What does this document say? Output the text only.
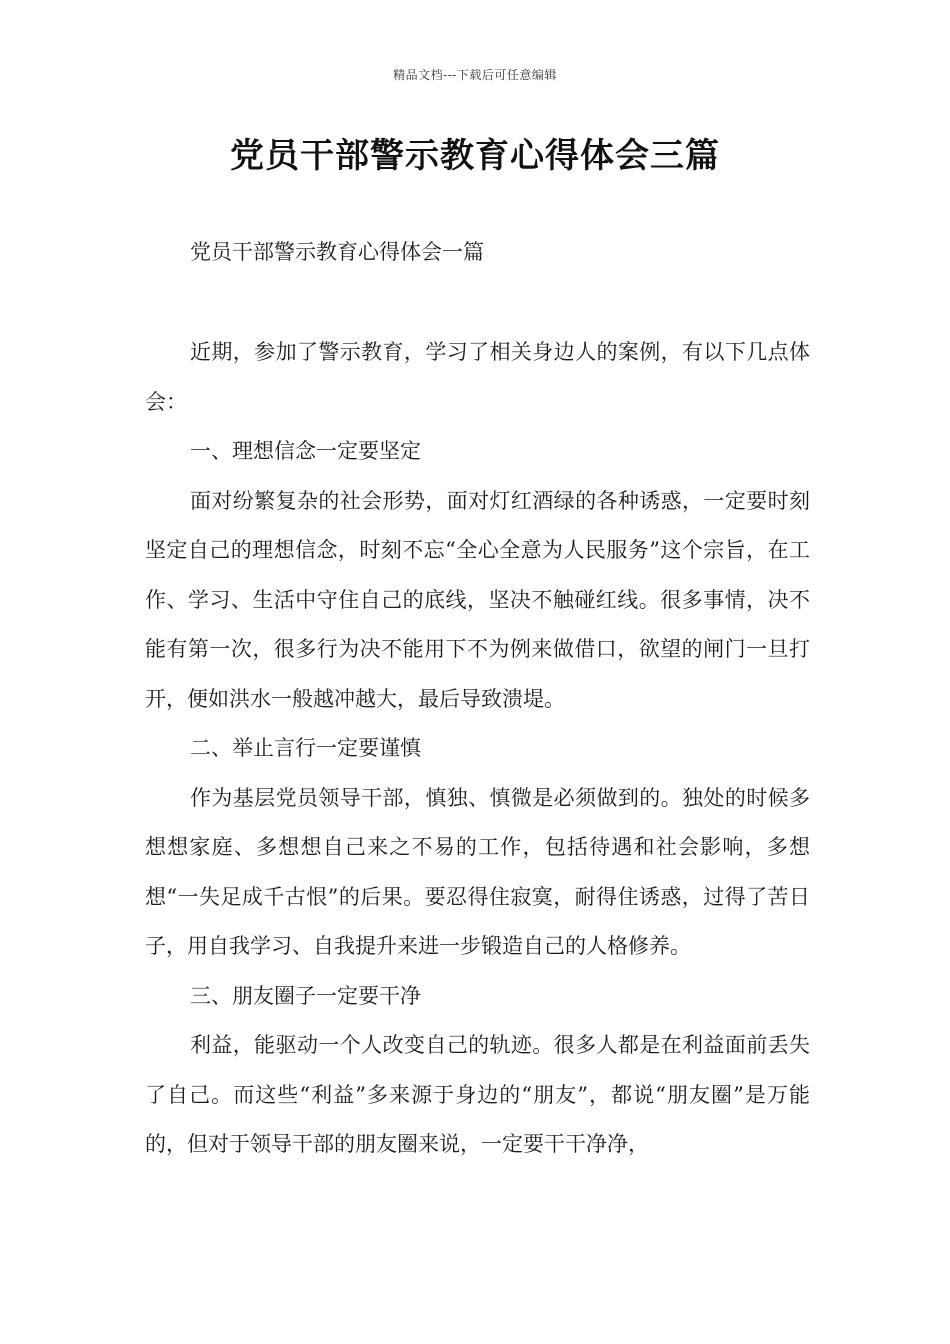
精品文档---下载后可任意编辑
党员干部警示教育心得体会三篇
党员干部警示教育心得体会一篇

近期，参加了警示教育，学习了相关身边人的案例，有以下几点体会：

一、理想信念一定要坚定

面对纷繁复杂的社会形势，面对灯红酒绿的各种诱惑，一定要时刻坚定自己的理想信念，时刻不忘“全心全意为人民服务”这个宗旨，在工作、学习、生活中守住自己的底线，坚决不触碰红线。很多事情，决不能有第一次，很多行为决不能用下不为例来做借口，欲望的闸门一旦打开，便如洪水一般越冲越大，最后导致溃堤。

二、举止言行一定要谨慎

作为基层党员领导干部，慎独、慎微是必须做到的。独处的时候多想想家庭、多想想自己来之不易的工作，包括待遇和社会影响，多想想“一失足成千古恨”的后果。要忍得住寂寞，耐得住诱惑，过得了苦日子，用自我学习、自我提升来进一步锻造自己的人格修养。

三、朋友圈子一定要干净

利益，能驱动一个人改变自己的轨迹。很多人都是在利益面前丢失了自己。而这些“利益”多来源于身边的“朋友”，都说“朋友圈”是万能的，但对于领导干部的朋友圈来说，一定要干干净净，
